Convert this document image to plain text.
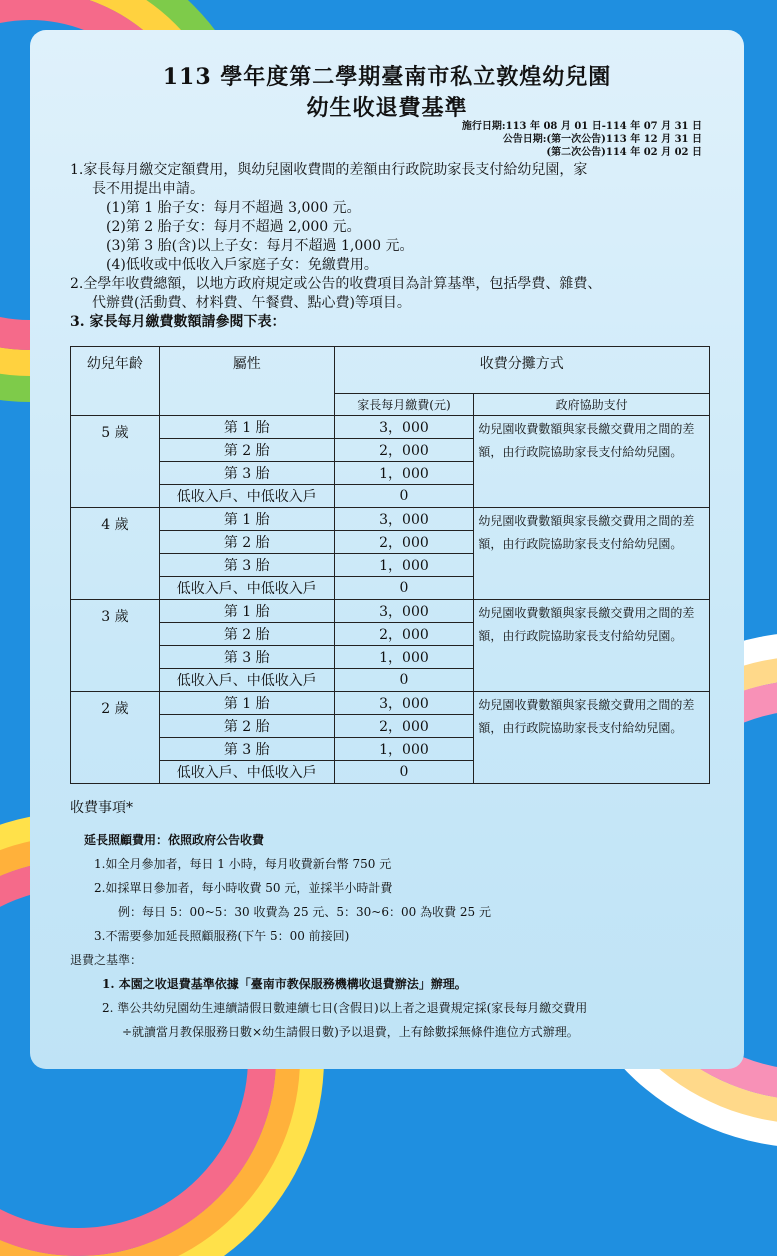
113 學年度第二學期臺南市私立敦煌幼兒園
幼生收退費基準
施行日期:113 年 08 月 01 日-114 年 07 月 31 日
公告日期:(第一次公告)113 年 12 月 31 日
(第二次公告)114 年 02 月 02 日

1.家長每月繳交定額費用，與幼兒園收費間的差額由行政院助家長支付給幼兒園，家

長不用提出申請。

(1)第 1 胎子女：每月不超過 3,000 元。

(2)第 2 胎子女：每月不超過 2,000 元。

(3)第 3 胎(含)以上子女：每月不超過 1,000 元。

(4)低收或中低收入戶家庭子女：免繳費用。

2.全學年收費總額，以地方政府規定或公告的收費項目為計算基準，包括學費、雜費、

代辦費(活動費、材料費、午餐費、點心費)等項目。

3. 家長每月繳費數額請參閱下表：

幼兒年齡	屬性	收費分攤方式	
		家長每月繳費(元)	政府協助支付
5 歲	第 1 胎	3，000	幼兒園收費數額與家長繳交費用之間的差額，由行政院協助家長支付給幼兒園。
	第 2 胎	2，000	
	第 3 胎	1，000	
	低收入戶、中低收入戶	0	
4 歲	第 1 胎	3，000	幼兒園收費數額與家長繳交費用之間的差額，由行政院協助家長支付給幼兒園。
	第 2 胎	2，000	
	第 3 胎	1，000	
	低收入戶、中低收入戶	0	
3 歲	第 1 胎	3，000	幼兒園收費數額與家長繳交費用之間的差額，由行政院協助家長支付給幼兒園。
	第 2 胎	2，000	
	第 3 胎	1，000	
	低收入戶、中低收入戶	0	
2 歲	第 1 胎	3，000	幼兒園收費數額與家長繳交費用之間的差額，由行政院協助家長支付給幼兒園。
	第 2 胎	2，000	
	第 3 胎	1，000	
	低收入戶、中低收入戶	0	

收費事項*

延長照顧費用：依照政府公告收費

1.如全月參加者，每日 1 小時，每月收費新台幣 750 元

2.如採單日參加者，每小時收費 50 元，並採半小時計費

例：每日 5：00~5：30 收費為 25 元、5：30~6：00 為收費 25 元

3.不需要參加延長照顧服務(下午 5：00 前接回)

退費之基準：

1. 本園之收退費基準依據「臺南市教保服務機構收退費辦法」辦理。

2. 準公共幼兒園幼生連續請假日數連續七日(含假日)以上者之退費規定採(家長每月繳交費用

÷就讀當月教保服務日數×幼生請假日數)予以退費，上有餘數採無條件進位方式辦理。
